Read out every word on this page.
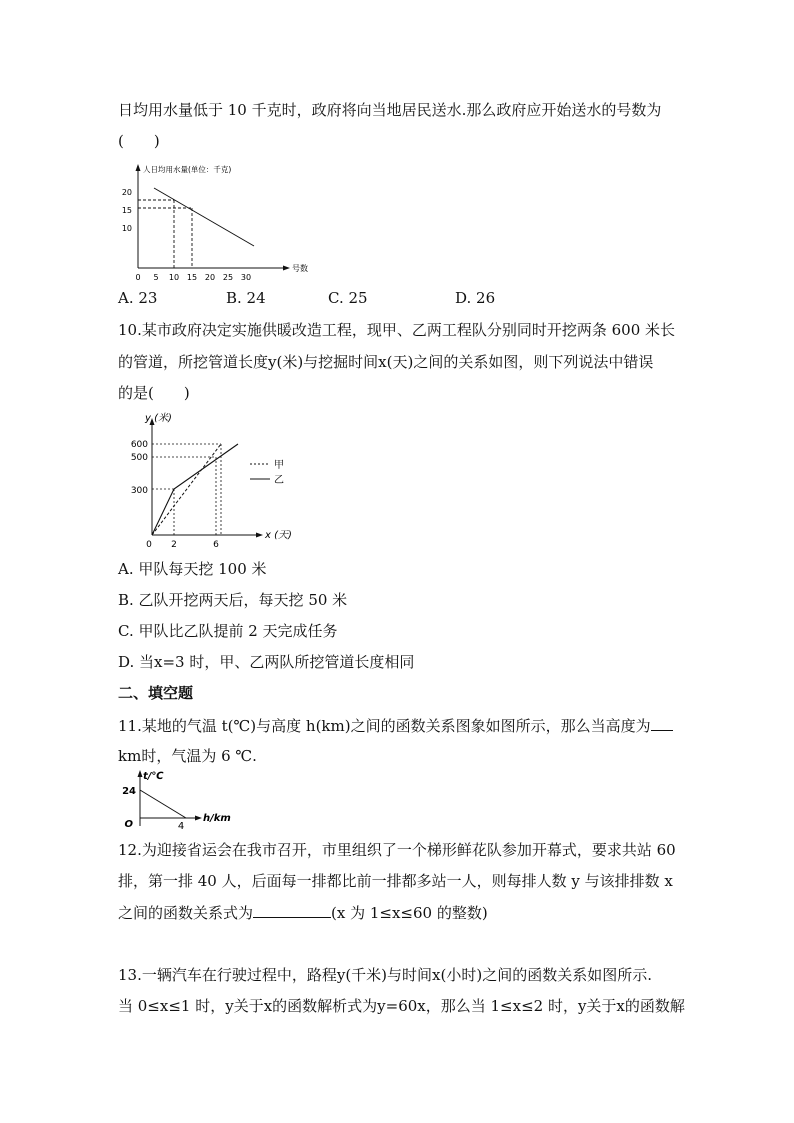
日均用水量低于 10 千克时，政府将向当地居民送水.那么政府应开始送水的号数为
(　　)
人日均用水量(单位：千克)
号数
20
15
10
0 5 10 15 20 25 30
A. 23	B. 24	C. 25	D. 26
10.某市政府决定实施供暖改造工程，现甲、乙两工程队分别同时开挖两条 600 米长
的管道，所挖管道长度y(米)与挖掘时间x(天)之间的关系如图，则下列说法中错误
的是(　　)
y (米)
x (天)
600
500
300
0 2	6
甲
乙
A. 甲队每天挖 100 米
B. 乙队开挖两天后，每天挖 50 米
C. 甲队比乙队提前 2 天完成任务
D. 当x=3 时，甲、乙两队所挖管道长度相同
二、填空题
11.某地的气温 t(℃)与高度 h(km)之间的函数关系图象如图所示，那么当高度为
km时，气温为 6 ℃.
t/℃
h/km
24
O	4
12.为迎接省运会在我市召开，市里组织了一个梯形鲜花队参加开幕式，要求共站 60
排，第一排 40 人，后面每一排都比前一排都多站一人，则每排人数 y 与该排排数 x
之间的函数关系式为	(x 为 1≤x≤60 的整数)
13.一辆汽车在行驶过程中，路程y(千米)与时间x(小时)之间的函数关系如图所示.
当 0≤x≤1 时，y关于x的函数解析式为y=60x，那么当 1≤x≤2 时，y关于x的函数解
